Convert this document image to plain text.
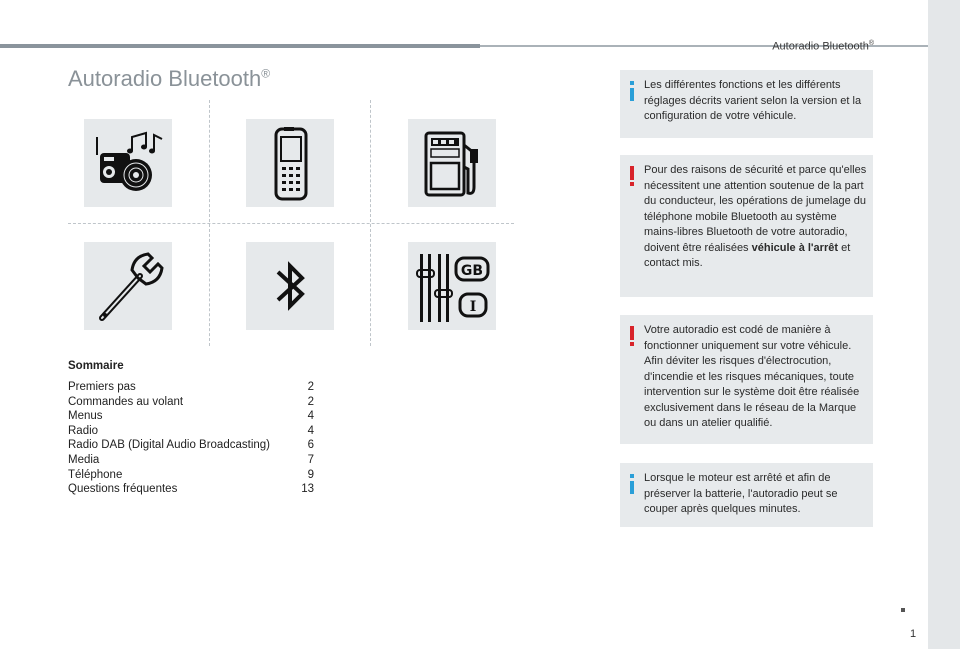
Autoradio Bluetooth®
Autoradio Bluetooth®
GB
I
Sommaire
Premiers pas	2
Commandes au volant	2
Menus	4
Radio	4
Radio DAB (Digital Audio Broadcasting)	6
Media	7
Téléphone	9
Questions fréquentes	13
Les différentes fonctions et les différents réglages décrits varient selon la version et la configuration de votre véhicule.
Pour des raisons de sécurité et parce qu'elles nécessitent une attention soutenue de la part du conducteur, les opérations de jumelage du téléphone mobile Bluetooth au système mains-libres Bluetooth de votre autoradio, doivent être réalisées véhicule à l'arrêt et contact mis.
Votre autoradio est codé de manière à fonctionner uniquement sur votre véhicule. Afin déviter les risques d'électrocution, d'incendie et les risques mécaniques, toute intervention sur le système doit être réalisée exclusivement dans le réseau de la Marque ou dans un atelier qualifié.
Lorsque le moteur est arrêté et afin de préserver la batterie, l'autoradio peut se couper après quelques minutes.
1
